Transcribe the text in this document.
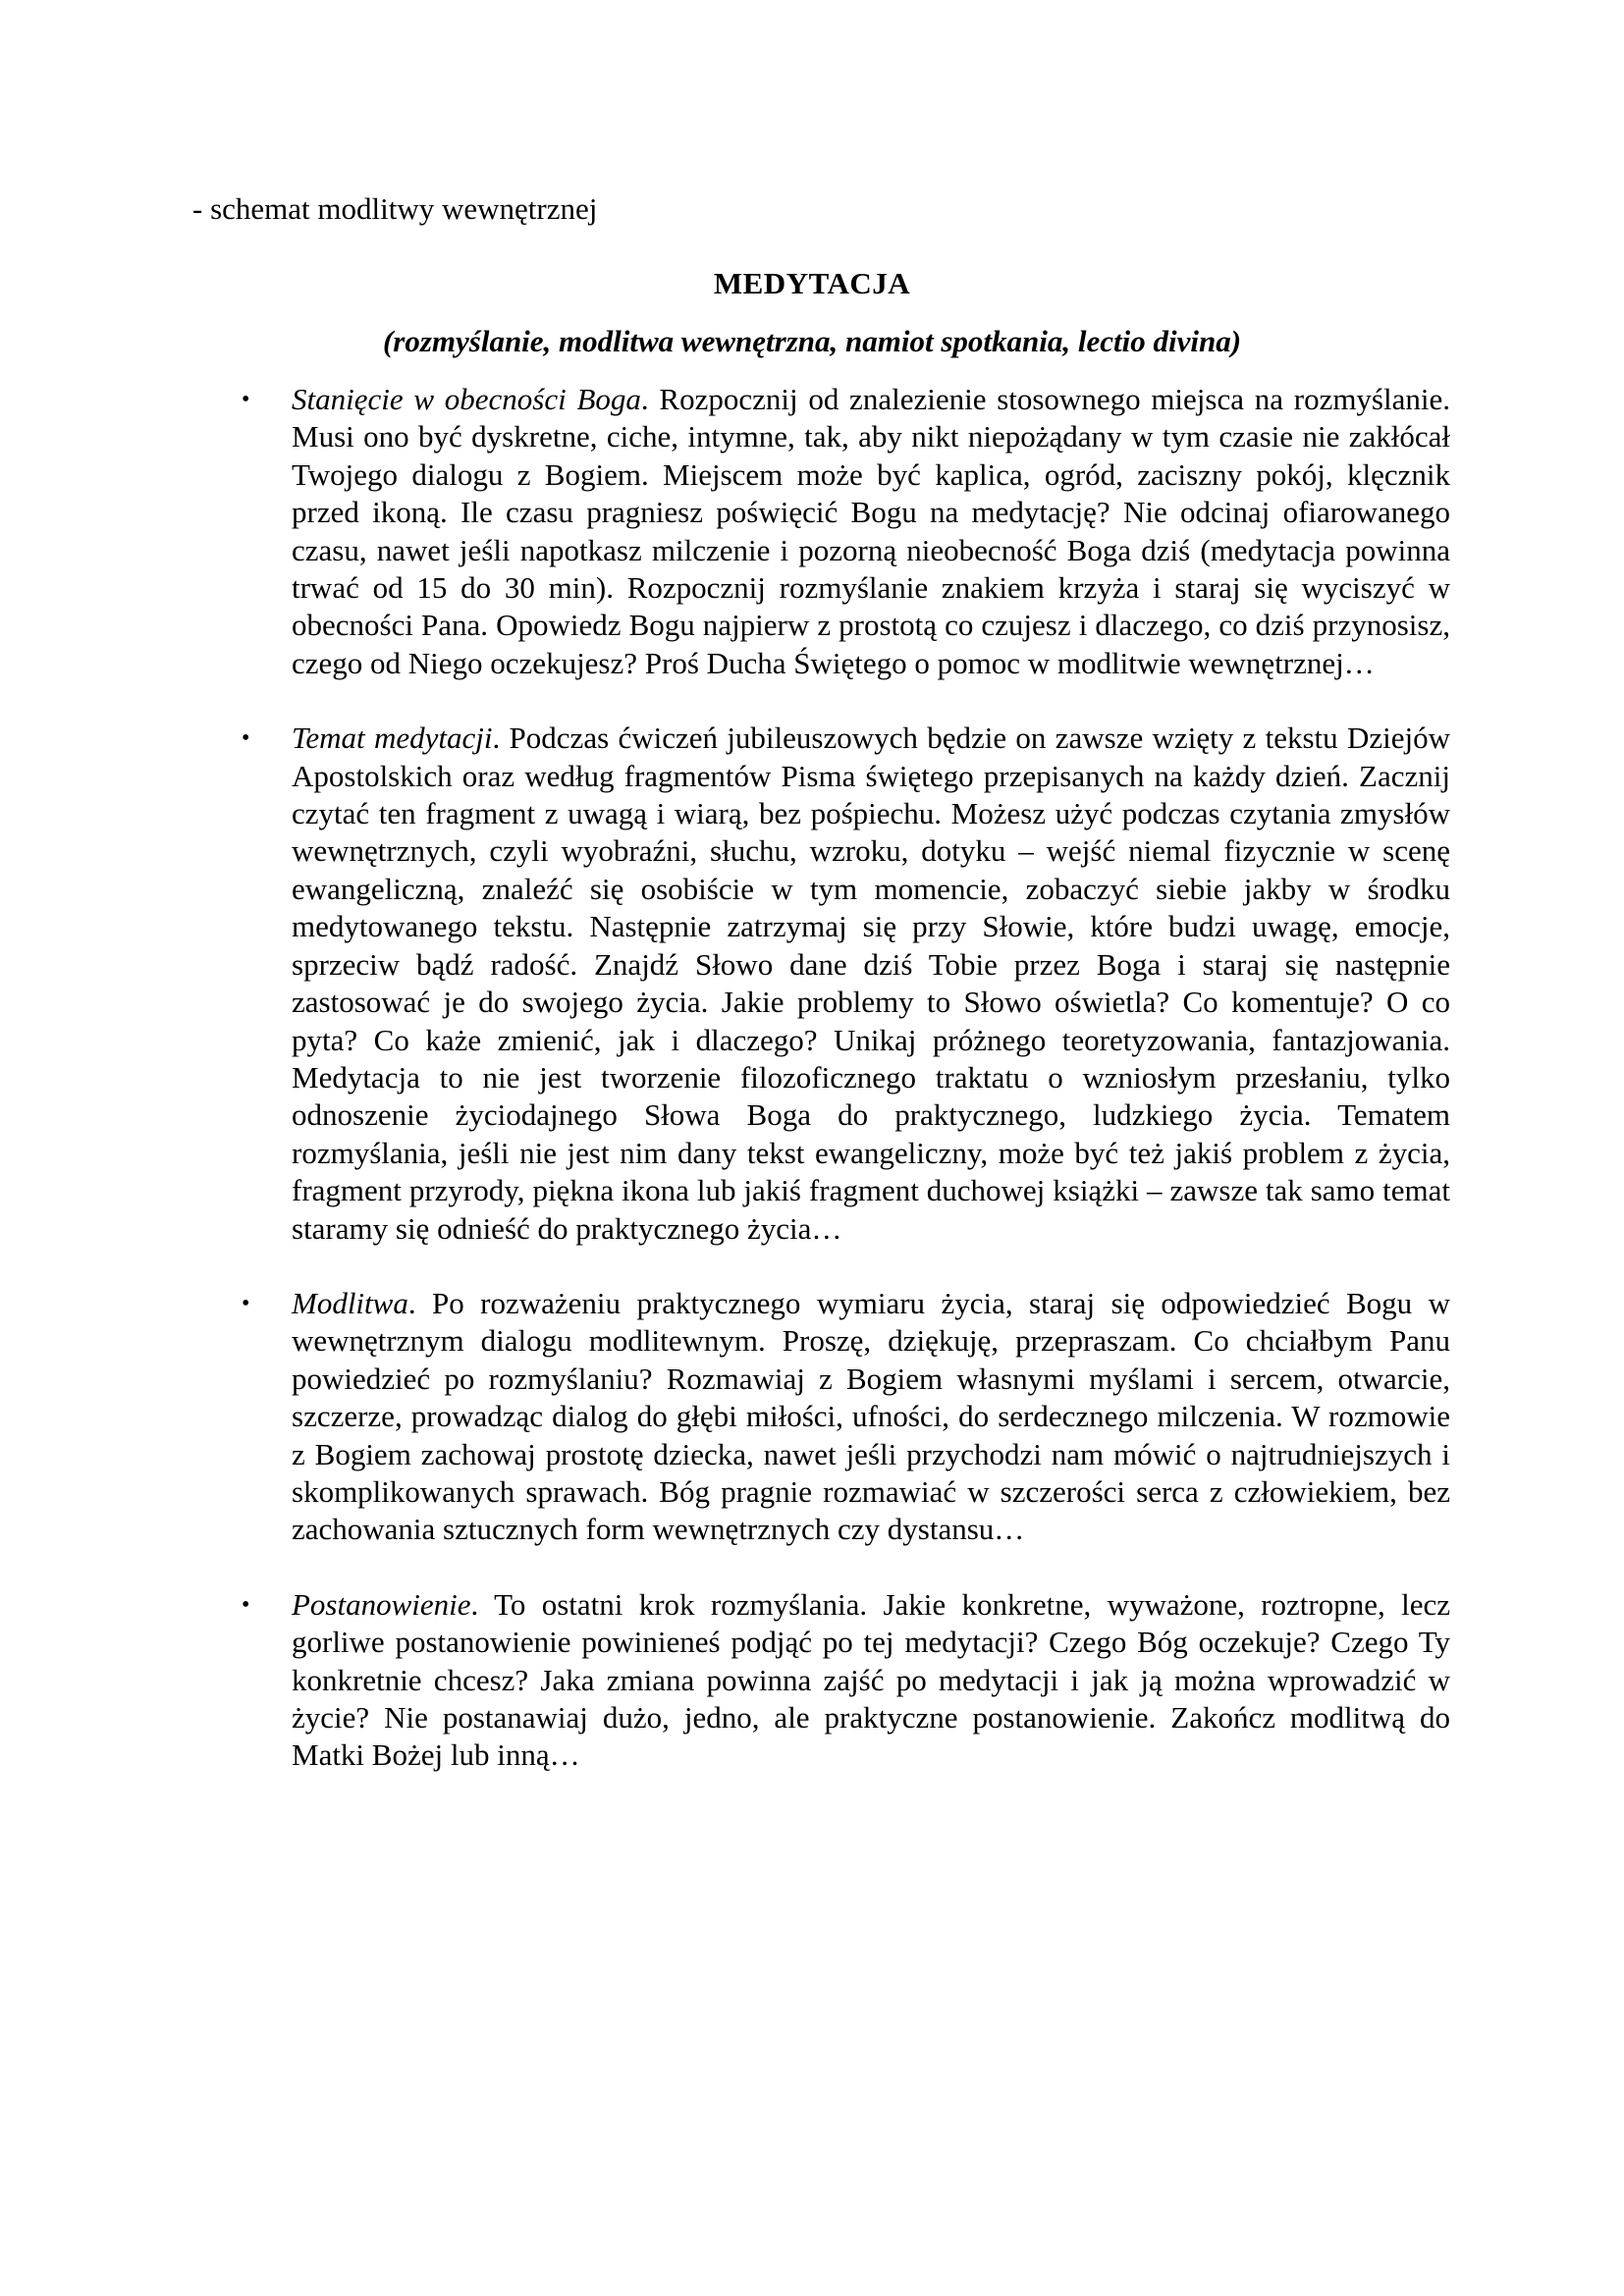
- schemat modlitwy wewnętrznej

MEDYTACJA
(rozmyślanie, modlitwa wewnętrzna, namiot spotkania, lectio divina)
• Stanięcie w obecności Boga. Rozpocznij od znalezienie stosownego miejsca na rozmyślanie. Musi ono być dyskretne, ciche, intymne, tak, aby nikt niepożądany w tym czasie nie zakłócał Twojego dialogu z Bogiem. Miejscem może być kaplica, ogród, zaciszny pokój, klęcznik przed ikoną. Ile czasu pragniesz poświęcić Bogu na medytację? Nie odcinaj ofiarowanego czasu, nawet jeśli napotkasz milczenie i pozorną nieobecność Boga dziś (medytacja powinna trwać od 15 do 30 min). Rozpocznij rozmyślanie znakiem krzyża i staraj się wyciszyć w obecności Pana. Opowiedz Bogu najpierw z prostotą co czujesz i dlaczego, co dziś przynosisz, czego od Niego oczekujesz? Proś Ducha Świętego o pomoc w modlitwie wewnętrznej…

• Temat medytacji. Podczas ćwiczeń jubileuszowych będzie on zawsze wzięty z tekstu Dziejów Apostolskich oraz według fragmentów Pisma świętego przepisanych na każdy dzień. Zacznij czytać ten fragment z uwagą i wiarą, bez pośpiechu. Możesz użyć podczas czytania zmysłów wewnętrznych, czyli wyobraźni, słuchu, wzroku, dotyku – wejść niemal fizycznie w scenę ewangeliczną, znaleźć się osobiście w tym momencie, zobaczyć siebie jakby w środku medytowanego tekstu. Następnie zatrzymaj się przy Słowie, które budzi uwagę, emocje, sprzeciw bądź radość. Znajdź Słowo dane dziś Tobie przez Boga i staraj się następnie zastosować je do swojego życia. Jakie problemy to Słowo oświetla? Co komentuje? O co pyta? Co każe zmienić, jak i dlaczego? Unikaj próżnego teoretyzowania, fantazjowania. Medytacja to nie jest tworzenie filozoficznego traktatu o wzniosłym przesłaniu, tylko odnoszenie życiodajnego Słowa Boga do praktycznego, ludzkiego życia. Tematem rozmyślania, jeśli nie jest nim dany tekst ewangeliczny, może być też jakiś problem z życia, fragment przyrody, piękna ikona lub jakiś fragment duchowej książki – zawsze tak samo temat staramy się odnieść do praktycznego życia…

• Modlitwa. Po rozważeniu praktycznego wymiaru życia, staraj się odpowiedzieć Bogu w wewnętrznym dialogu modlitewnym. Proszę, dziękuję, przepraszam. Co chciałbym Panu powiedzieć po rozmyślaniu? Rozmawiaj z Bogiem własnymi myślami i sercem, otwarcie, szczerze, prowadząc dialog do głębi miłości, ufności, do serdecznego milczenia. W rozmowie z Bogiem zachowaj prostotę dziecka, nawet jeśli przychodzi nam mówić o najtrudniejszych i skomplikowanych sprawach. Bóg pragnie rozmawiać w szczerości serca z człowiekiem, bez zachowania sztucznych form wewnętrznych czy dystansu…

• Postanowienie. To ostatni krok rozmyślania. Jakie konkretne, wyważone, roztropne, lecz gorliwe postanowienie powinieneś podjąć po tej medytacji? Czego Bóg oczekuje? Czego Ty konkretnie chcesz? Jaka zmiana powinna zajść po medytacji i jak ją można wprowadzić w życie? Nie postanawiaj dużo, jedno, ale praktyczne postanowienie. Zakończ modlitwą do Matki Bożej lub inną…
